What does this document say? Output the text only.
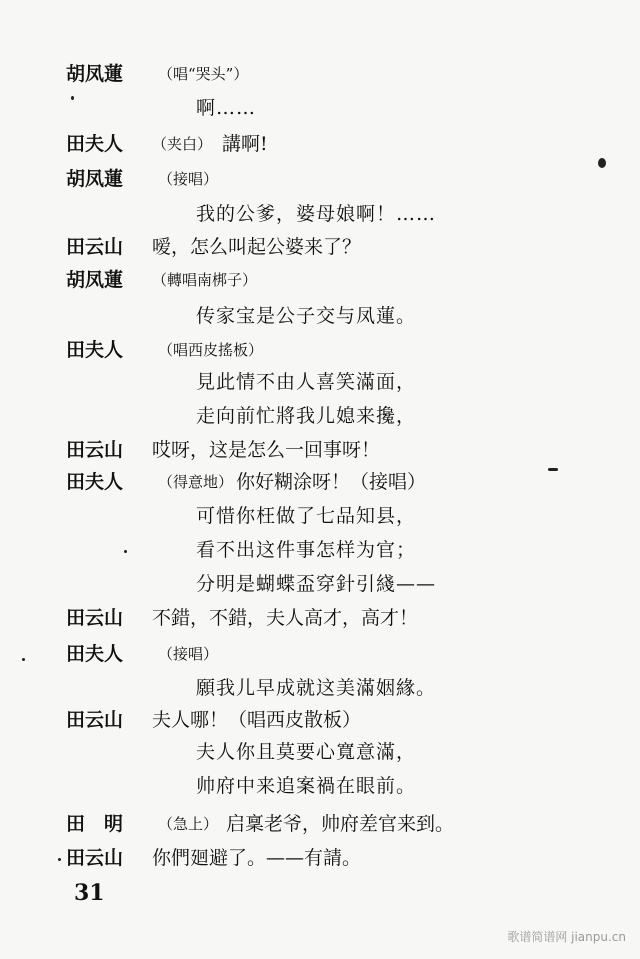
胡凤蓮 （唱“哭头”）
啊……
田夫人 （夹白） 講啊!
胡凤蓮 （接唱）
我的公爹，婆母娘啊！……
田云山 嗳，怎么叫起公婆来了？
胡凤蓮 （轉唱南梆子）
传家宝是公子交与凤蓮。
田夫人 （唱西皮搖板）
見此情不由人喜笑滿面，
走向前忙將我儿媳来攙，
田云山 哎呀，这是怎么一回事呀！
田夫人 （得意地） 你好糊涂呀！（接唱）
可惜你枉做了七品知县，
看不出这件事怎样为官；
分明是蝴蝶盃穿針引綫——
田云山 不錯，不錯，夫人高才，高才！
田夫人 （接唱）
願我儿早成就这美滿姻緣。
田云山 夫人哪！（唱西皮散板）
夫人你且莫要心寬意滿，
帅府中来追案禍在眼前。
田　明 （急上） 启稟老爷，帅府差官来到。
田云山 你們廻避了。——有請。
31
歌谱简谱网 jianpu.cn
